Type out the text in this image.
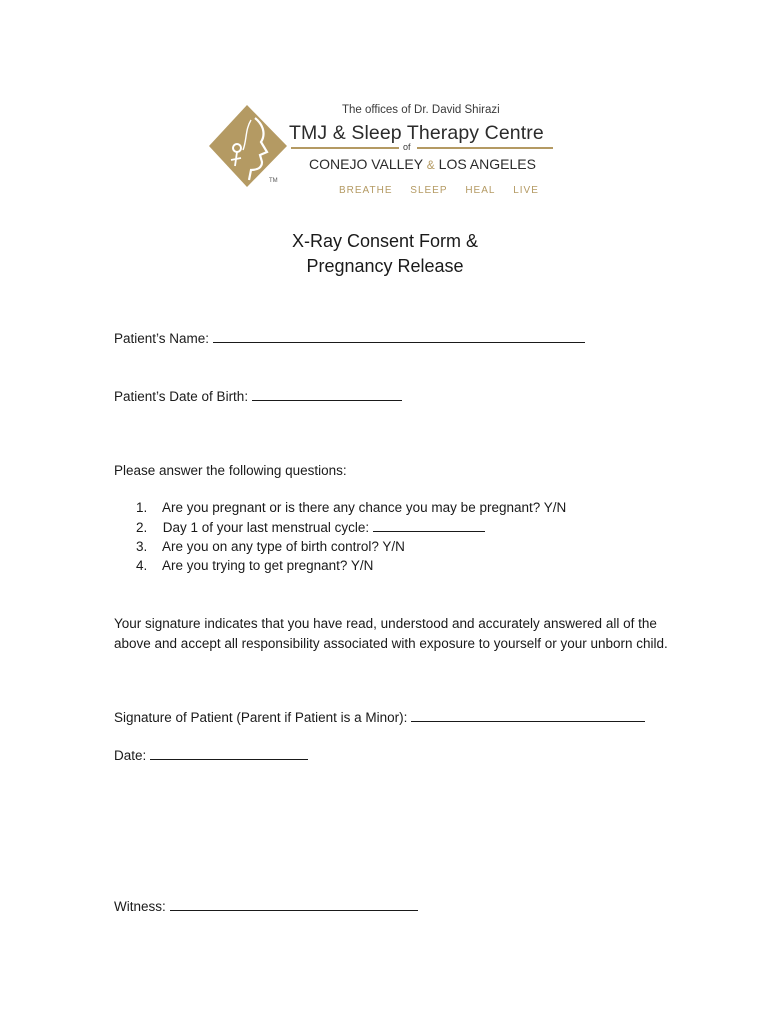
The offices of Dr. David Shirazi
TMJ & Sleep Therapy Centre
of
CONEJO VALLEY & LOS ANGELES
TM
BREATHE SLEEP HEAL LIVE
X-Ray Consent Form &
Pregnancy Release
Patient’s Name:
Patient’s Date of Birth:
Please answer the following questions:
1. Are you pregnant or is there any chance you may be pregnant? Y/N
2. Day 1 of your last menstrual cycle:
3. Are you on any type of birth control? Y/N
4. Are you trying to get pregnant? Y/N
Your signature indicates that you have read, understood and accurately answered all of the above and accept all responsibility associated with exposure to yourself or your unborn child.
Signature of Patient (Parent if Patient is a Minor):
Date:
Witness:
